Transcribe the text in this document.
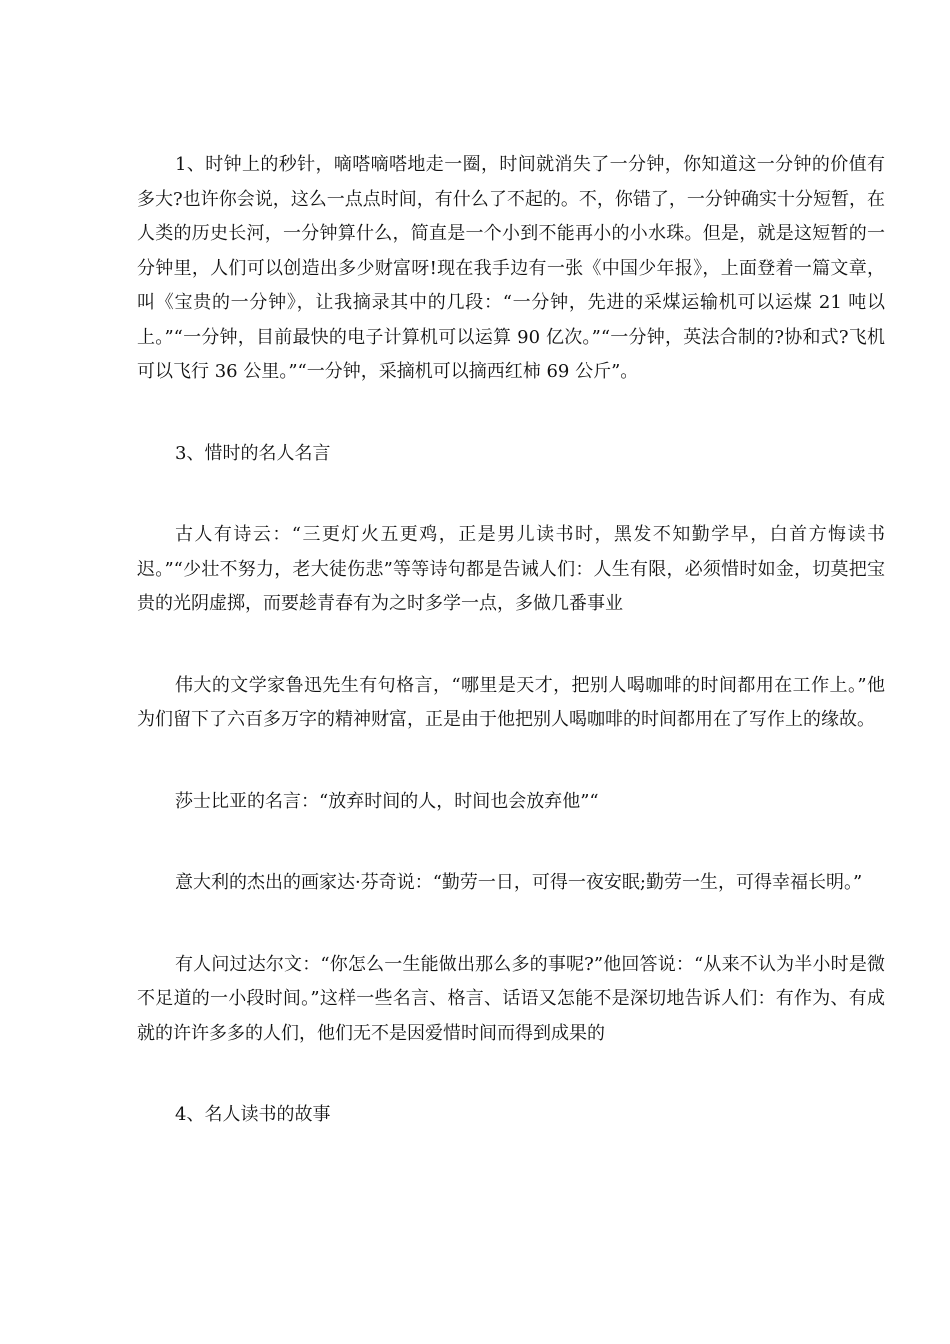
1、时钟上的秒针，嘀嗒嘀嗒地走一圈，时间就消失了一分钟，你知道这一分钟的价值有多大?也许你会说，这么一点点时间，有什么了不起的。不，你错了，一分钟确实十分短暂，在人类的历史长河，一分钟算什么，简直是一个小到不能再小的小水珠。但是，就是这短暂的一分钟里，人们可以创造出多少财富呀!现在我手边有一张《中国少年报》，上面登着一篇文章，叫《宝贵的一分钟》，让我摘录其中的几段：“一分钟，先进的采煤运输机可以运煤 21 吨以上。”“一分钟，目前最快的电子计算机可以运算 90 亿次。”“一分钟，英法合制的?协和式?飞机可以飞行 36 公里。”“一分钟，采摘机可以摘西红柿 69 公斤”。

3、惜时的名人名言

古人有诗云：“三更灯火五更鸡，正是男儿读书时，黑发不知勤学早，白首方悔读书迟。”“少壮不努力，老大徒伤悲”等等诗句都是告诫人们：人生有限，必须惜时如金，切莫把宝贵的光阴虚掷，而要趁青春有为之时多学一点，多做几番事业

伟大的文学家鲁迅先生有句格言，“哪里是天才，把别人喝咖啡的时间都用在工作上。”他为们留下了六百多万字的精神财富，正是由于他把别人喝咖啡的时间都用在了写作上的缘故。

莎士比亚的名言：“放弃时间的人，时间也会放弃他”“

意大利的杰出的画家达·芬奇说：“勤劳一日，可得一夜安眠;勤劳一生，可得幸福长明。”

有人问过达尔文：“你怎么一生能做出那么多的事呢?”他回答说：“从来不认为半小时是微不足道的一小段时间。”这样一些名言、格言、话语又怎能不是深切地告诉人们：有作为、有成就的许许多多的人们，他们无不是因爱惜时间而得到成果的

4、名人读书的故事
